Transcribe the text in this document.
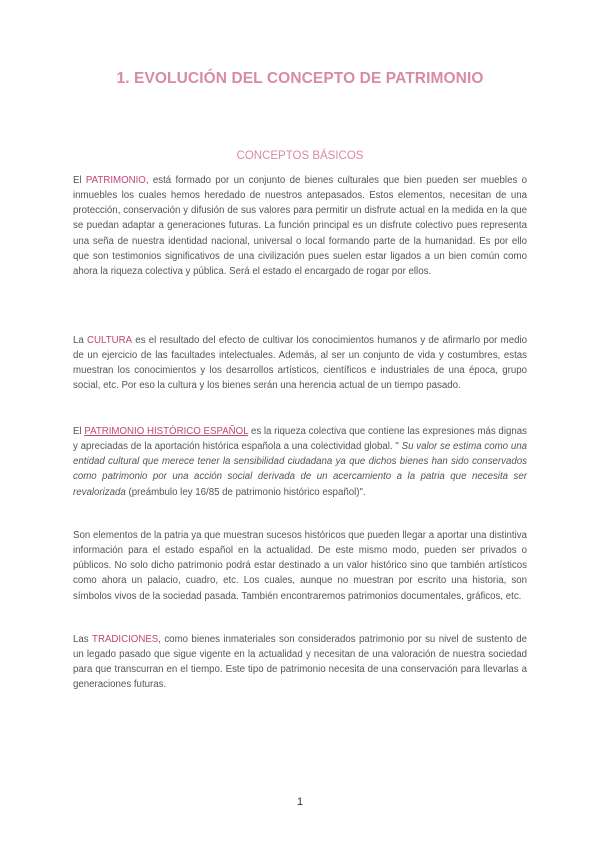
1. EVOLUCIÓN DEL CONCEPTO DE PATRIMONIO
CONCEPTOS BÁSICOS

El PATRIMONIO, está formado por un conjunto de bienes culturales que bien pueden ser muebles o inmuebles los cuales hemos heredado de nuestros antepasados. Estos elementos, necesitan de una protección, conservación y difusión de sus valores para permitir un disfrute actual en la medida en la que se puedan adaptar a generaciones futuras. La función principal es un disfrute colectivo pues representa una seña de nuestra identidad nacional, universal o local formando parte de la humanidad. Es por ello que son testimonios significativos de una civilización pues suelen estar ligados a un bien común como ahora la riqueza colectiva y pública. Será el estado el encargado de rogar por ellos.

La CULTURA es el resultado del efecto de cultivar los conocimientos humanos y de afirmarlo por medio de un ejercicio de las facultades intelectuales. Además, al ser un conjunto de vida y costumbres, estas muestran los conocimientos y los desarrollos artísticos, científicos e industriales de una época, grupo social, etc. Por eso la cultura y los bienes serán una herencia actual de un tiempo pasado.

El PATRIMONIO HISTÓRICO ESPAÑOL es la riqueza colectiva que contiene las expresiones más dignas y apreciadas de la aportación histórica española a una colectividad global. " Su valor se estima como una entidad cultural que merece tener la sensibilidad ciudadana ya que dichos bienes han sido conservados como patrimonio por una acción social derivada de un acercamiento a la patria que necesita ser revalorizada (preámbulo ley 16/85 de patrimonio histórico español)".

Son elementos de la patria ya que muestran sucesos históricos que pueden llegar a aportar una distintiva información para el estado español en la actualidad. De este mismo modo, pueden ser privados o públicos. No solo dicho patrimonio podrá estar destinado a un valor histórico sino que también artísticos como ahora un palacio, cuadro, etc. Los cuales, aunque no muestran por escrito una historia, son símbolos vivos de la sociedad pasada. También encontraremos patrimonios documentales, gráficos, etc.

Las TRADICIONES, como bienes inmateriales son considerados patrimonio por su nivel de sustento de un legado pasado que sigue vigente en la actualidad y necesitan de una valoración de nuestra sociedad para que transcurran en el tiempo. Este tipo de patrimonio necesita de una conservación para llevarlas a generaciones futuras.

1
